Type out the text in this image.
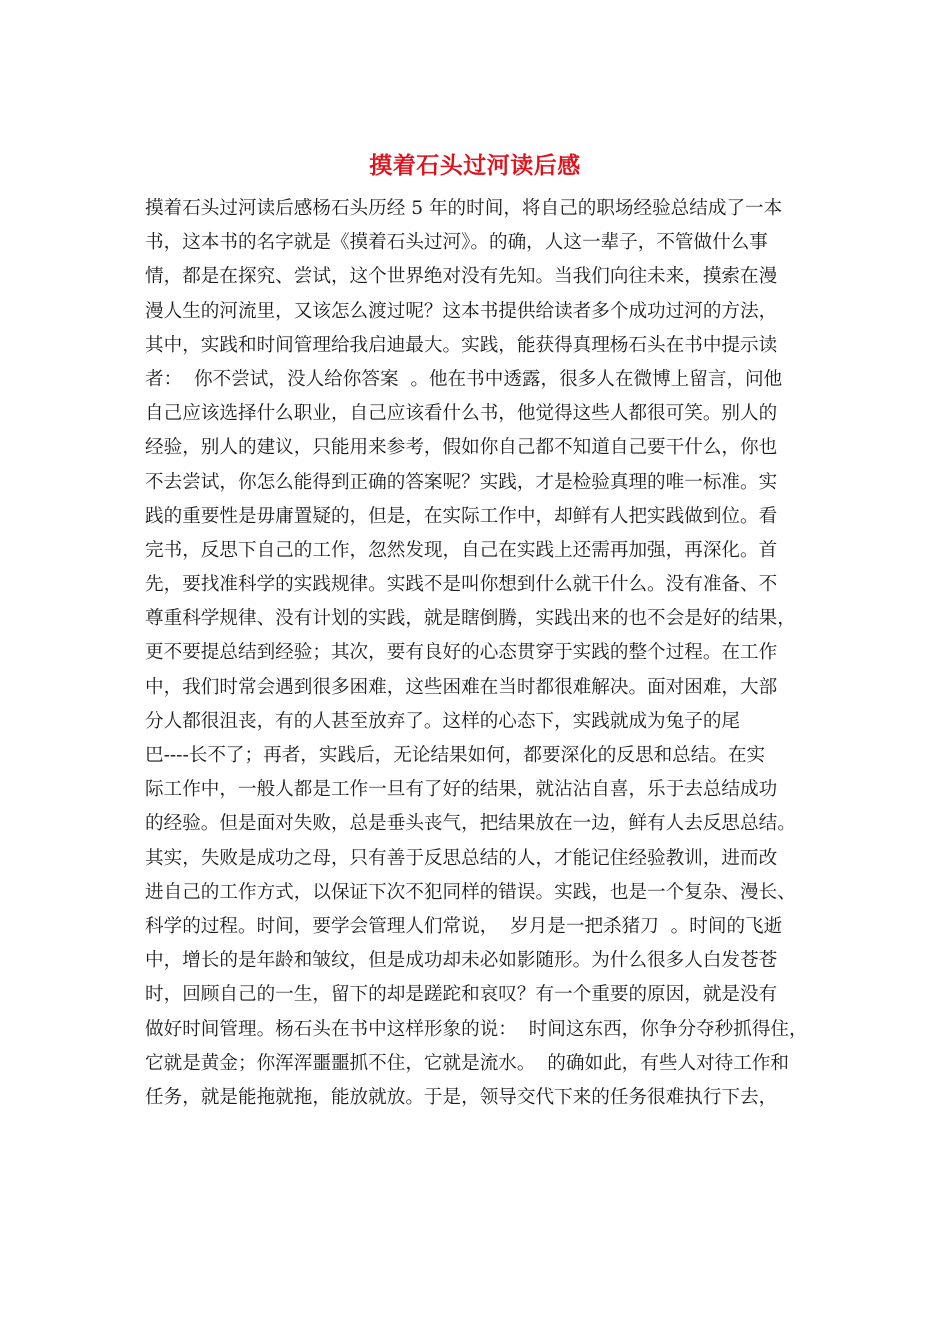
摸着石头过河读后感
摸着石头过河读后感杨石头历经 5 年的时间，将自己的职场经验总结成了一本
书，这本书的名字就是《摸着石头过河》。的确，人这一辈子，不管做什么事
情，都是在探究、尝试，这个世界绝对没有先知。当我们向往未来，摸索在漫
漫人生的河流里，又该怎么渡过呢？这本书提供给读者多个成功过河的方法，
其中，实践和时间管理给我启迪最大。实践，能获得真理杨石头在书中提示读
者：  你不尝试，没人给你答案  。他在书中透露，很多人在微博上留言，问他
自己应该选择什么职业，自己应该看什么书，他觉得这些人都很可笑。别人的
经验，别人的建议，只能用来参考，假如你自己都不知道自己要干什么，你也
不去尝试，你怎么能得到正确的答案呢？实践，才是检验真理的唯一标准。实
践的重要性是毋庸置疑的，但是，在实际工作中，却鲜有人把实践做到位。看
完书，反思下自己的工作，忽然发现，自己在实践上还需再加强，再深化。首
先，要找准科学的实践规律。实践不是叫你想到什么就干什么。没有准备、不
尊重科学规律、没有计划的实践，就是瞎倒腾，实践出来的也不会是好的结果，
更不要提总结到经验；其次，要有良好的心态贯穿于实践的整个过程。在工作
中，我们时常会遇到很多困难，这些困难在当时都很难解决。面对困难，大部
分人都很沮丧，有的人甚至放弃了。这样的心态下，实践就成为兔子的尾
巴----长不了；再者，实践后，无论结果如何，都要深化的反思和总结。在实
际工作中，一般人都是工作一旦有了好的结果，就沾沾自喜，乐于去总结成功
的经验。但是面对失败，总是垂头丧气，把结果放在一边，鲜有人去反思总结。
其实，失败是成功之母，只有善于反思总结的人，才能记住经验教训，进而改
进自己的工作方式，以保证下次不犯同样的错误。实践，也是一个复杂、漫长、
科学的过程。时间，要学会管理人们常说，  岁月是一把杀猪刀  。时间的飞逝
中，增长的是年龄和皱纹，但是成功却未必如影随形。为什么很多人白发苍苍
时，回顾自己的一生，留下的却是蹉跎和哀叹？有一个重要的原因，就是没有
做好时间管理。杨石头在书中这样形象的说：  时间这东西，你争分夺秒抓得住，
它就是黄金；你浑浑噩噩抓不住，它就是流水。  的确如此，有些人对待工作和
任务，就是能拖就拖，能放就放。于是，领导交代下来的任务很难执行下去，
